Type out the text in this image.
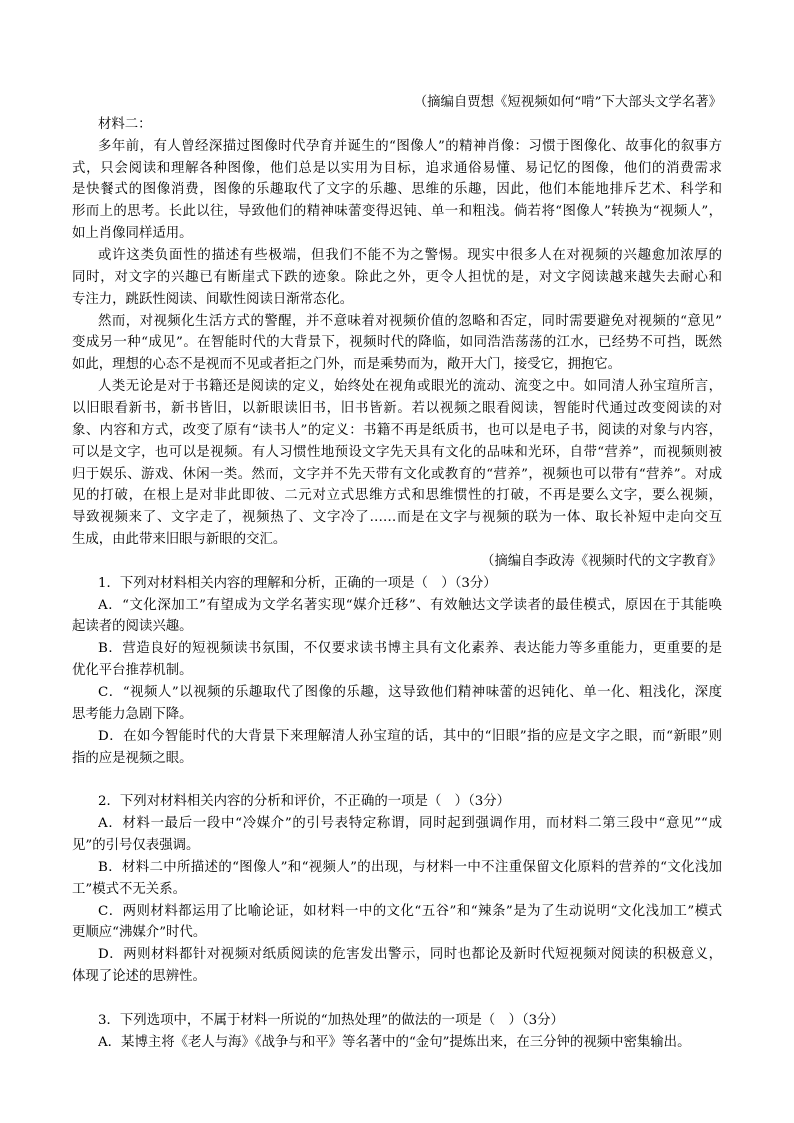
（摘编自贾想《短视频如何“啃”下大部头文学名著》
材料二：
多年前，有人曾经深描过图像时代孕育并诞生的“图像人”的精神肖像：习惯于图像化、故事化的叙事方
式，只会阅读和理解各种图像，他们总是以实用为目标，追求通俗易懂、易记忆的图像，他们的消费需求
是快餐式的图像消费，图像的乐趣取代了文字的乐趣、思维的乐趣，因此，他们本能地排斥艺术、科学和
形而上的思考。长此以往，导致他们的精神味蕾变得迟钝、单一和粗浅。倘若将“图像人”转换为“视频人”，
如上肖像同样适用。
或许这类负面性的描述有些极端，但我们不能不为之警惕。现实中很多人在对视频的兴趣愈加浓厚的
同时，对文字的兴趣已有断崖式下跌的迹象。除此之外，更令人担忧的是，对文字阅读越来越失去耐心和
专注力，跳跃性阅读、间歇性阅读日渐常态化。
然而，对视频化生活方式的警醒，并不意味着对视频价值的忽略和否定，同时需要避免对视频的“意见”
变成另一种“成见”。在智能时代的大背景下，视频时代的降临，如同浩浩荡荡的江水，已经势不可挡，既然
如此，理想的心态不是视而不见或者拒之门外，而是乘势而为，敞开大门，接受它，拥抱它。
人类无论是对于书籍还是阅读的定义，始终处在视角或眼光的流动、流变之中。如同清人孙宝瑄所言，
以旧眼看新书，新书皆旧，以新眼读旧书，旧书皆新。若以视频之眼看阅读，智能时代通过改变阅读的对
象、内容和方式，改变了原有“读书人”的定义：书籍不再是纸质书，也可以是电子书，阅读的对象与内容，
可以是文字，也可以是视频。有人习惯性地预设文字先天具有文化的品味和光环，自带“营养”，而视频则被
归于娱乐、游戏、休闲一类。然而，文字并不先天带有文化或教育的“营养”，视频也可以带有“营养”。对成
见的打破，在根上是对非此即彼、二元对立式思维方式和思维惯性的打破，不再是要么文字，要么视频，
导致视频来了、文字走了，视频热了、文字冷了……而是在文字与视频的联为一体、取长补短中走向交互
生成，由此带来旧眼与新眼的交汇。
（摘编自李政涛《视频时代的文字教育》
1．下列对材料相关内容的理解和分析，正确的一项是（　）（3分）
A．“文化深加工”有望成为文学名著实现“媒介迁移”、有效触达文学读者的最佳模式，原因在于其能唤
起读者的阅读兴趣。
B．营造良好的短视频读书氛围，不仅要求读书博主具有文化素养、表达能力等多重能力，更重要的是
优化平台推荐机制。
C．“视频人”以视频的乐趣取代了图像的乐趣，这导致他们精神味蕾的迟钝化、单一化、粗浅化，深度
思考能力急剧下降。
D．在如今智能时代的大背景下来理解清人孙宝瑄的话，其中的“旧眼”指的应是文字之眼，而“新眼”则
指的应是视频之眼。
2．下列对材料相关内容的分析和评价，不正确的一项是（　）（3分）
A．材料一最后一段中“冷媒介”的引号表特定称谓，同时起到强调作用，而材料二第三段中“意见”“成
见”的引号仅表强调。
B．材料二中所描述的“图像人”和“视频人”的出现，与材料一中不注重保留文化原料的营养的“文化浅加
工”模式不无关系。
C．两则材料都运用了比喻论证，如材料一中的文化“五谷”和“辣条”是为了生动说明“文化浅加工”模式
更顺应“沸媒介”时代。
D．两则材料都针对视频对纸质阅读的危害发出警示，同时也都论及新时代短视频对阅读的积极意义，
体现了论述的思辨性。
3．下列选项中，不属于材料一所说的“加热处理”的做法的一项是（　）（3分）
A．某博主将《老人与海》《战争与和平》等名著中的“金句”提炼出来，在三分钟的视频中密集输出。
